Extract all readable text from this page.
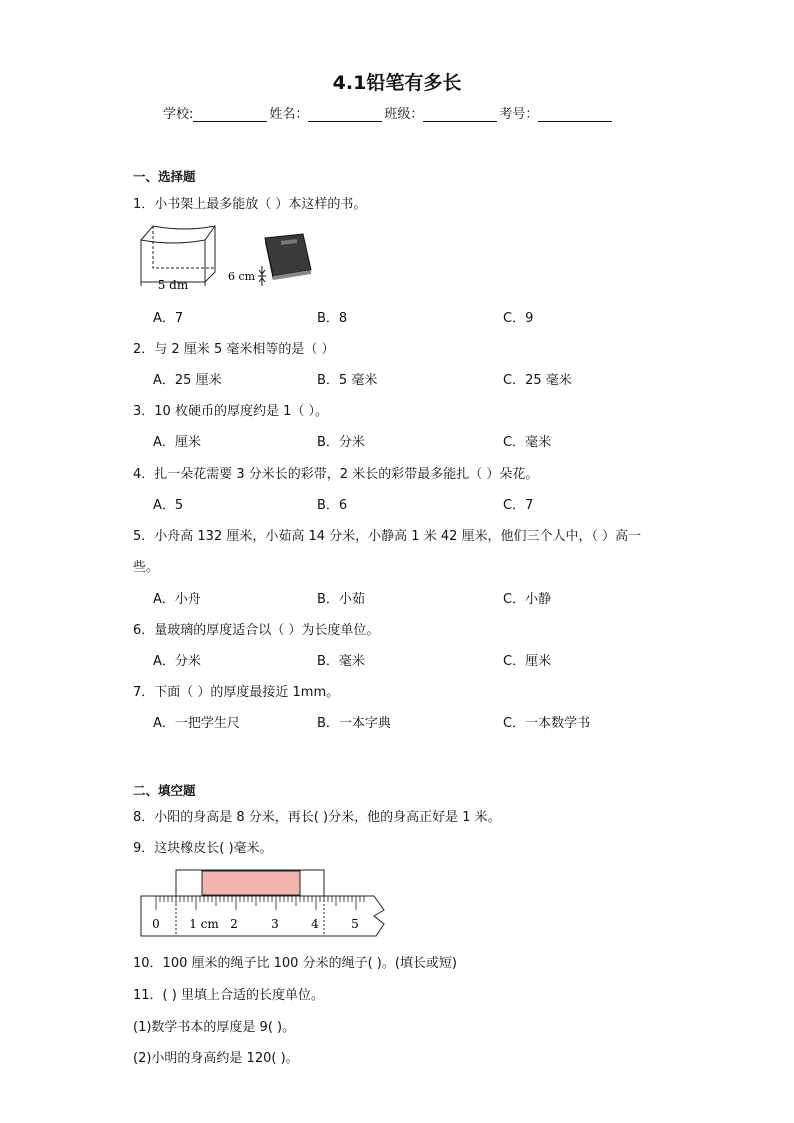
4.1铅笔有多长
学校:	姓名：	班级：	考号：
一、选择题
1．小书架上最多能放（ ）本这样的书。
5 dm
6 cm
A．7	B．8	C．9
2．与 2 厘米 5 毫米相等的是（ ）
A．25 厘米	B．5 毫米	C．25 毫米
3．10 枚硬币的厚度约是 1（ ）。
A．厘米	B．分米	C．毫米
4．扎一朵花需要 3 分米长的彩带，2 米长的彩带最多能扎（ ）朵花。
A．5	B．6	C．7
5．小舟高 132 厘米，小茹高 14 分米，小静高 1 米 42 厘米，他们三个人中，（ ）高一
些。
A．小舟	B．小茹	C．小静
6．量玻璃的厚度适合以（ ）为长度单位。
A．分米	B．毫米	C．厘米
7．下面（ ）的厚度最接近 1mm。
A．一把学生尺	B．一本字典	C．一本数学书
二、填空题
8．小阳的身高是 8 分米，再长( )分米，他的身高正好是 1 米。
9．这块橡皮长( )毫米。
0 1 cm 2	3	4	5
10．100 厘米的绳子比 100 分米的绳子( )。(填长或短)
11．( ) 里填上合适的长度单位。
(1)数学书本的厚度是 9( )。
(2)小明的身高约是 120( )。
